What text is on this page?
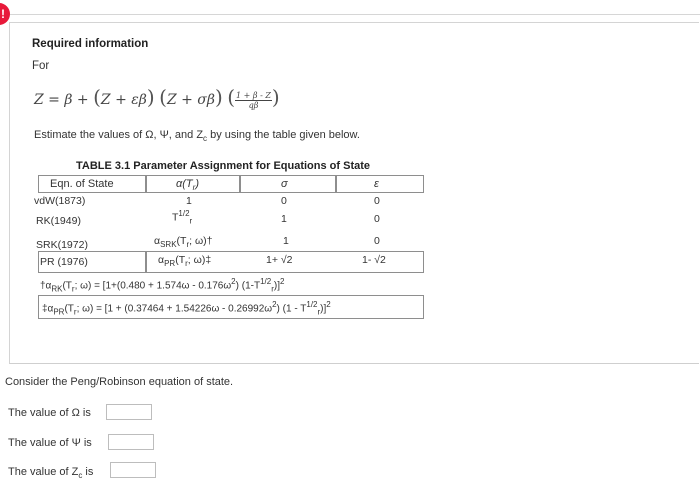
!
Required information
For
Z = β + (Z + εβ) (Z + σβ) ( $\frac{1 + \beta - Z}{q\beta}$ )
Estimate the values of Ω, Ψ, and $Z_c$ by using the table given below.
TABLE 3.1 Parameter Assignment for Equations of State
Eqn. of State	$\alpha(T_r)$	σ	ε
vdW(1873)	1	0	0
RK(1949)	$T^{1/2}_r$	1	0
SRK(1972)	$\alpha_{SRK}(T_r$; ω)†	1	0
PR (1976)	$\alpha_{PR}(T_r$; ω)‡	1+ √2	1- √2
$\dagger\alpha_{RK}(T_r$; $\omega) = [1+(0.480 + 1.574\omega - 0.176\omega^2)$ $(1-T^{1/2}_r)]^2$
$\ddagger\alpha_{PR}(T_r$; $\omega) = [1 + (0.37464 + 1.54226\omega - 0.26992\omega^2)$ $(1 - T^{1/2}_r)]^2$
Consider the Peng/Robinson equation of state.
The value of Ω is
The value of Ψ is
The value of $Z_c$ is
